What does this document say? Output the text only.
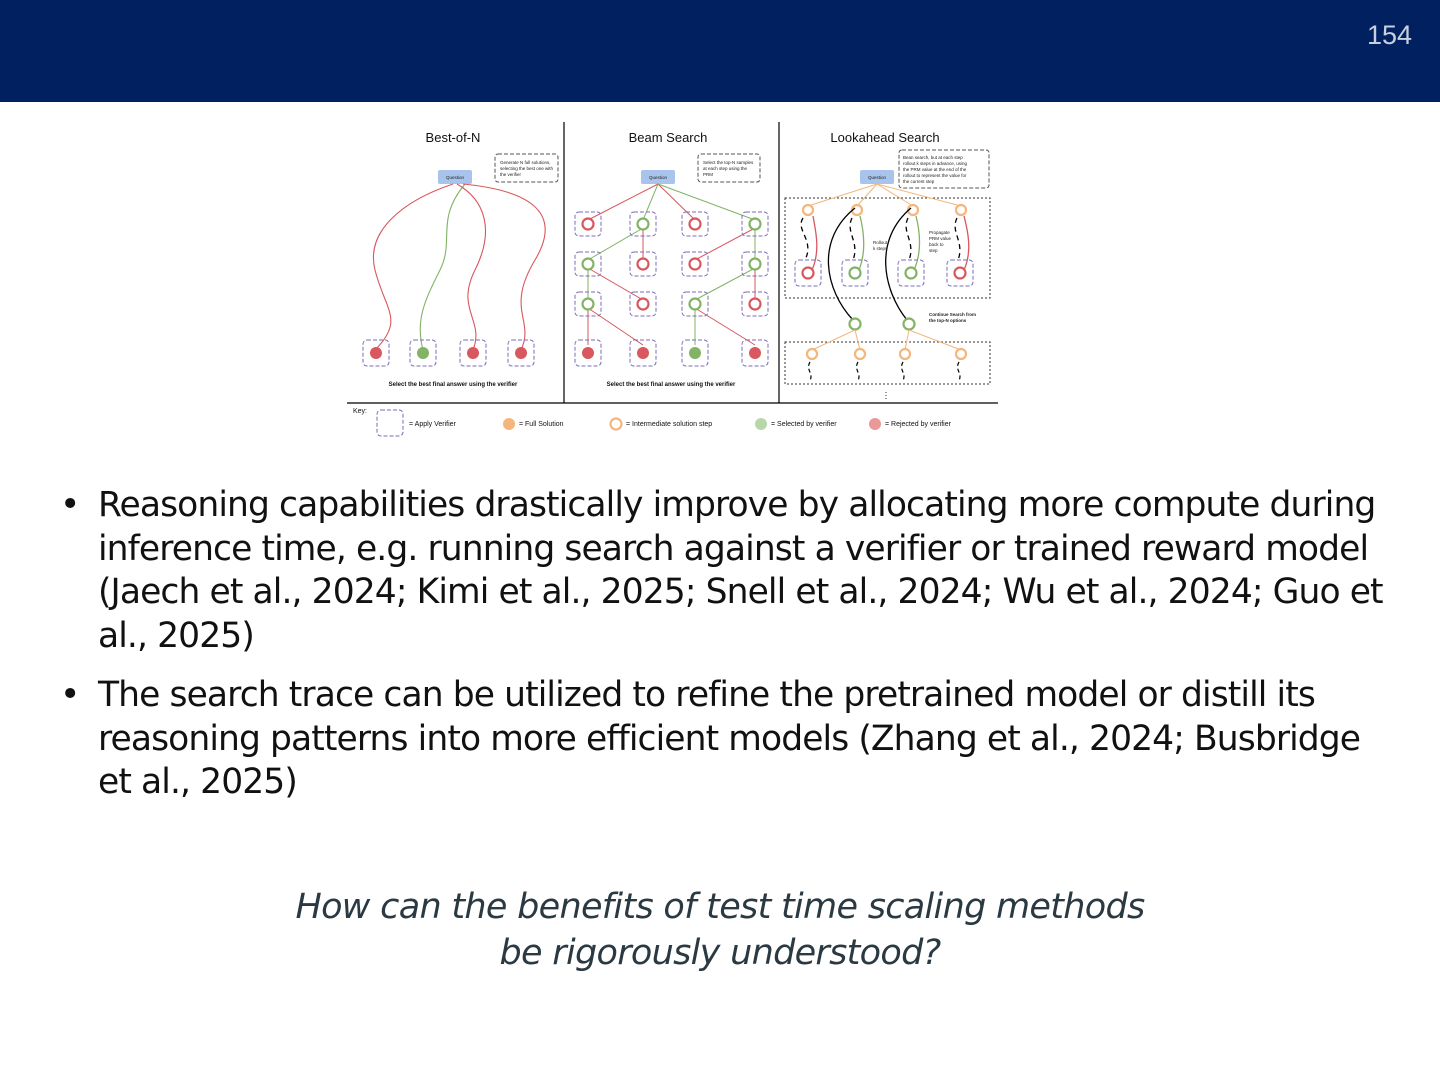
154
Best-of-N	Beam Search	Lookahead Search
Generate N full solutions,
selecting the best one with
the verifier
Select the top-N samples
at each step using the
PRM
Bean search, but at each step
rollout k steps in advance, using
the PRM value at the end of the
rollout to represent the value for
the current step
Question	Question	Question
Select the best final answer using the verifier	Select the best final answer using the verifier
Continue Search from
the top-N options
Rollout
k steps
Propagate
PRM value
back to
step
Key:
= Apply Verifier	= Full Solution	= Intermediate solution step	= Selected by verifier	= Rejected by verifier
• Reasoning capabilities drastically improve by allocating more compute during inference time, e.g. running search against a verifier or trained reward model (Jaech et al., 2024; Kimi et al., 2025; Snell et al., 2024; Wu et al., 2024; Guo et al., 2025)
• The search trace can be utilized to refine the pretrained model or distill its reasoning patterns into more efficient models (Zhang et al., 2024; Busbridge et al., 2025)
How can the benefits of test time scaling methods
be rigorously understood?
